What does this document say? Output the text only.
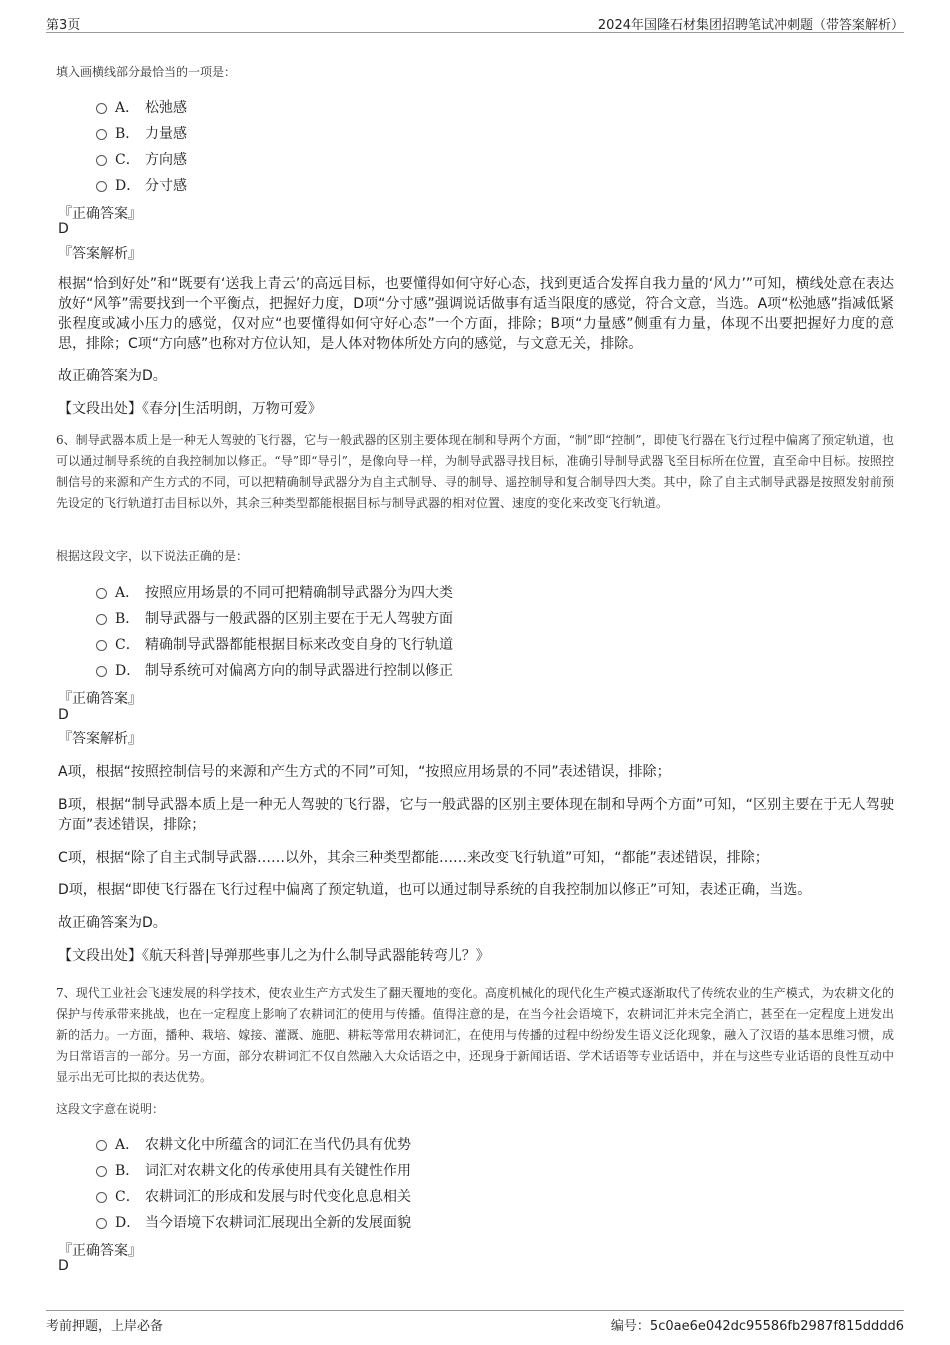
第3页	2024年国隆石材集团招聘笔试冲刺题（带答案解析）
填入画横线部分最恰当的一项是：
A． 松弛感
B． 力量感
C． 方向感
D． 分寸感
『正确答案』
D
『答案解析』
根据“恰到好处”和“既要有‘送我上青云’的高远目标，也要懂得如何守好心态，找到更适合发挥自我力量的‘风力’”可知，横线处意在表达放好“风筝”需要找到一个平衡点，把握好力度，D项“分寸感”强调说话做事有适当限度的感觉，符合文意，当选。A项“松弛感”指减低紧张程度或减小压力的感觉，仅对应“也要懂得如何守好心态”一个方面，排除；B项“力量感”侧重有力量，体现不出要把握好力度的意思，排除；C项“方向感”也称对方位认知，是人体对物体所处方向的感觉，与文意无关，排除。
故正确答案为D。
【文段出处】《春分|生活明朗，万物可爱》
6、制导武器本质上是一种无人驾驶的飞行器，它与一般武器的区别主要体现在制和导两个方面，“制”即“控制”，即使飞行器在飞行过程中偏离了预定轨道，也可以通过制导系统的自我控制加以修正。“导”即“导引”，是像向导一样，为制导武器寻找目标，准确引导制导武器飞至目标所在位置，直至命中目标。按照控制信号的来源和产生方式的不同，可以把精确制导武器分为自主式制导、寻的制导、遥控制导和复合制导四大类。其中，除了自主式制导武器是按照发射前预先设定的飞行轨道打击目标以外，其余三种类型都能根据目标与制导武器的相对位置、速度的变化来改变飞行轨道。
根据这段文字，以下说法正确的是：
A． 按照应用场景的不同可把精确制导武器分为四大类
B． 制导武器与一般武器的区别主要在于无人驾驶方面
C． 精确制导武器都能根据目标来改变自身的飞行轨道
D． 制导系统可对偏离方向的制导武器进行控制以修正
『正确答案』
D
『答案解析』
A项，根据“按照控制信号的来源和产生方式的不同”可知，“按照应用场景的不同”表述错误，排除；
B项，根据“制导武器本质上是一种无人驾驶的飞行器，它与一般武器的区别主要体现在制和导两个方面”可知，“区别主要在于无人驾驶方面”表述错误，排除；
C项，根据“除了自主式制导武器……以外，其余三种类型都能……来改变飞行轨道”可知，“都能”表述错误，排除；
D项，根据“即使飞行器在飞行过程中偏离了预定轨道，也可以通过制导系统的自我控制加以修正”可知，表述正确，当选。
故正确答案为D。
【文段出处】《航天科普|导弹那些事儿之为什么制导武器能转弯儿？》
7、现代工业社会飞速发展的科学技术，使农业生产方式发生了翻天覆地的变化。高度机械化的现代化生产模式逐渐取代了传统农业的生产模式，为农耕文化的保护与传承带来挑战，也在一定程度上影响了农耕词汇的使用与传播。值得注意的是，在当今社会语境下，农耕词汇并未完全消亡，甚至在一定程度上迸发出新的活力。一方面，播种、栽培、嫁接、灌溉、施肥、耕耘等常用农耕词汇，在使用与传播的过程中纷纷发生语义泛化现象，融入了汉语的基本思维习惯，成为日常语言的一部分。另一方面，部分农耕词汇不仅自然融入大众话语之中，还现身于新闻话语、学术话语等专业话语中，并在与这些专业话语的良性互动中显示出无可比拟的表达优势。
这段文字意在说明：
A． 农耕文化中所蕴含的词汇在当代仍具有优势
B． 词汇对农耕文化的传承使用具有关键性作用
C． 农耕词汇的形成和发展与时代变化息息相关
D． 当今语境下农耕词汇展现出全新的发展面貌
『正确答案』
D
考前押题，上岸必备	编号：5c0ae6e042dc95586fb2987f815dddd6
